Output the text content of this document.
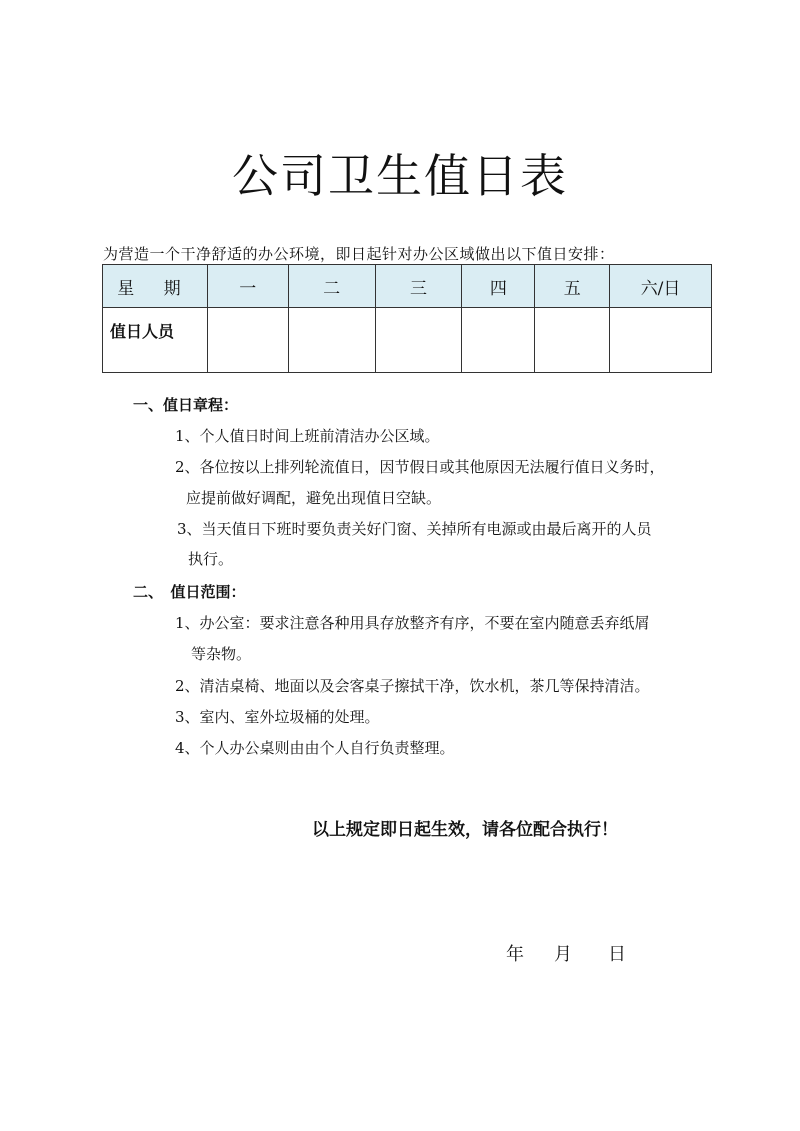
公司卫生值日表
为营造一个干净舒适的办公环境，即日起针对办公区域做出以下值日安排：
星 期	一	二	三	四	五	六/日
值日人员						
一、值日章程：
1、个人值日时间上班前清洁办公区域。
2、各位按以上排列轮流值日，因节假日或其他原因无法履行值日义务时，
应提前做好调配，避免出现值日空缺。
3、当天值日下班时要负责关好门窗、关掉所有电源或由最后离开的人员
执行。
二、　值日范围：
1、办公室：要求注意各种用具存放整齐有序，不要在室内随意丢弃纸屑
等杂物。
2、清洁桌椅、地面以及会客桌子擦拭干净，饮水机，茶几等保持清洁。
3、室内、室外垃圾桶的处理。
4、个人办公桌则由由个人自行负责整理。
以上规定即日起生效，请各位配合执行！
年 月 日
